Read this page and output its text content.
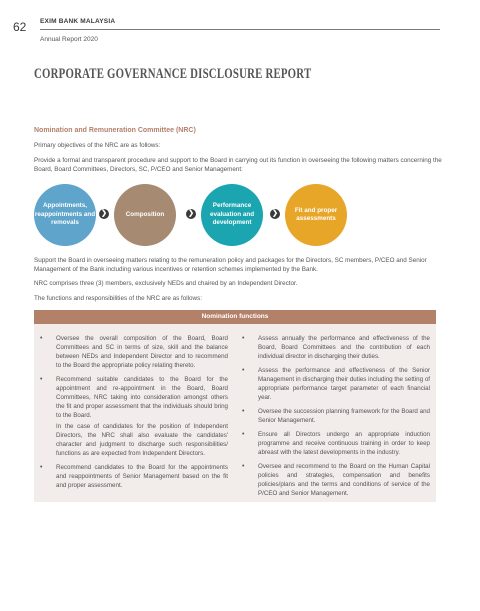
62 EXIM BANK MALAYSIA
Annual Report 2020
CORPORATE GOVERNANCE DISCLOSURE REPORT
Nomination and Remuneration Committee (NRC)
Primary objectives of the NRC are as follows:
Provide a formal and transparent procedure and support to the Board in carrying out its function in overseeing the following matters concerning the Board, Board Committees, Directors, SC, P/CEO and Senior Management:
Appointments, reappointments and removals
❯	Composition	❯
Performance evaluation and development
❯	Fit and proper assessments
Support the Board in overseeing matters relating to the remuneration policy and packages for the Directors, SC members, P/CEO and Senior Management of the Bank including various incentives or retention schemes implemented by the Bank.
NRC comprises three (3) members, exclusively NEDs and chaired by an Independent Director.
The functions and responsibilities of the NRC are as follows:
Nomination functions
• Oversee the overall composition of the Board, Board Committees and SC in terms of size, skill and the balance between NEDs and Independent Director and to recommend to the Board the appropriate policy relating thereto.
• Recommend suitable candidates to the Board for the appointment and re-appointment in the Board, Board Committees, NRC taking into consideration amongst others the fit and proper assessment that the individuals should bring to the Board.
In the case of candidates for the position of Independent Directors, the NRC shall also evaluate the candidates' character and judgment to discharge such responsibilities/ functions as are expected from Independent Directors.
• Recommend candidates to the Board for the appointments and reappointments of Senior Management based on the fit and proper assessment.
• Assess annually the performance and effectiveness of the Board, Board Committees and the contribution of each individual director in discharging their duties.
• Assess the performance and effectiveness of the Senior Management in discharging their duties including the setting of appropriate performance target parameter of each financial year.
• Oversee the succession planning framework for the Board and Senior Management.
• Ensure all Directors undergo an appropriate induction programme and receive continuous training in order to keep abreast with the latest developments in the industry.
• Oversee and recommend to the Board on the Human Capital policies and strategies, compensation and benefits policies/plans and the terms and conditions of service of the P/CEO and Senior Management.
